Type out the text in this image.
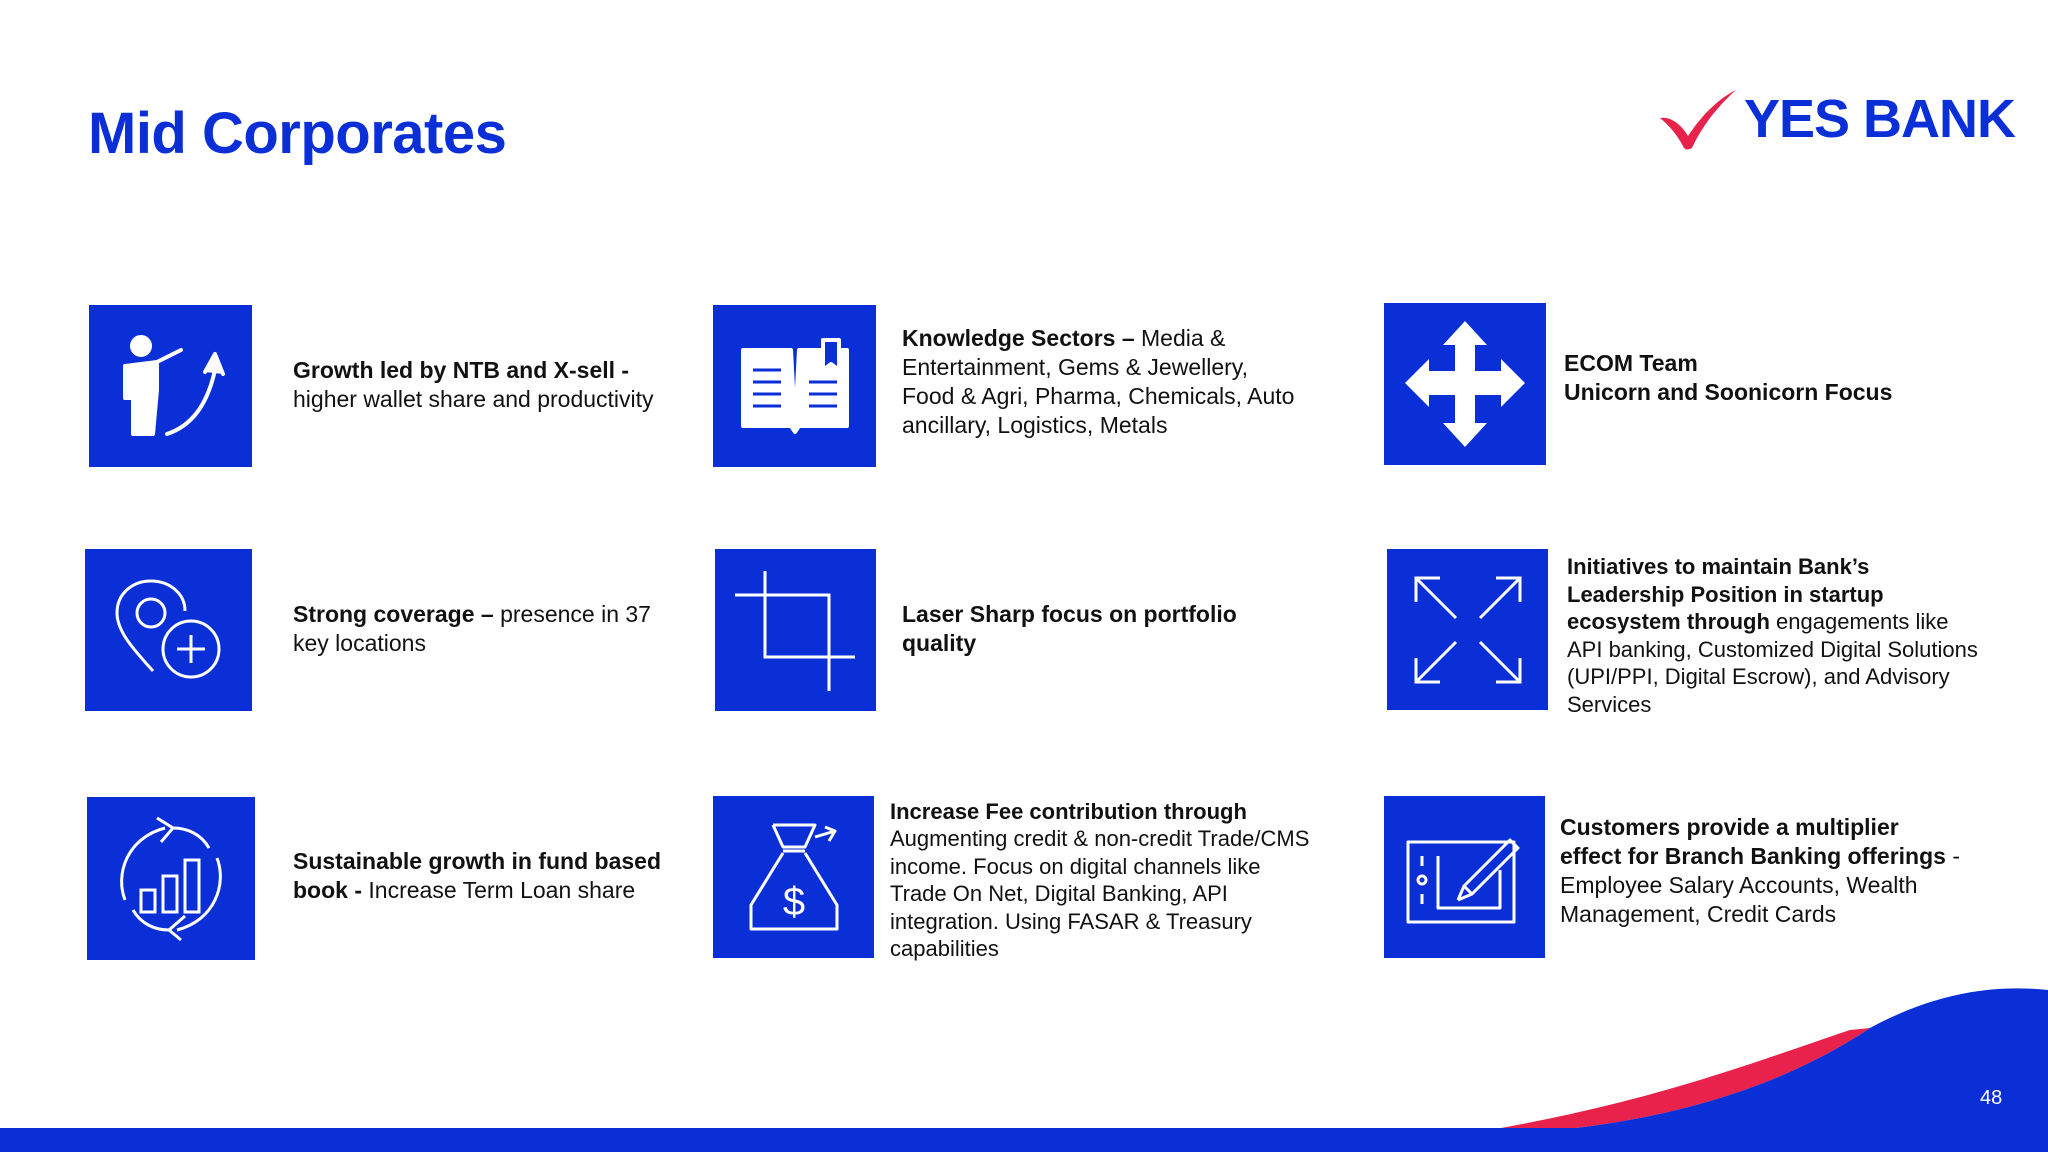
Mid Corporates	YES BANK
48

Growth led by NTB and X-sell - higher wallet share and productivity

Knowledge Sectors – Media & Entertainment, Gems & Jewellery, Food & Agri, Pharma, Chemicals, Auto ancillary, Logistics, Metals

ECOM Team
Unicorn and Soonicorn Focus

Strong coverage – presence in 37 key locations

Laser Sharp focus on portfolio quality

Initiatives to maintain Bank’s Leadership Position in startup ecosystem through engagements like API banking, Customized Digital Solutions (UPI/PPI, Digital Escrow), and Advisory Services

Sustainable growth in fund based book - Increase Term Loan share	$

Increase Fee contribution through Augmenting credit & non-credit Trade/CMS income. Focus on digital channels like Trade On Net, Digital Banking, API integration. Using FASAR & Treasury capabilities

Customers provide a multiplier effect for Branch Banking offerings - Employee Salary Accounts, Wealth Management, Credit Cards
